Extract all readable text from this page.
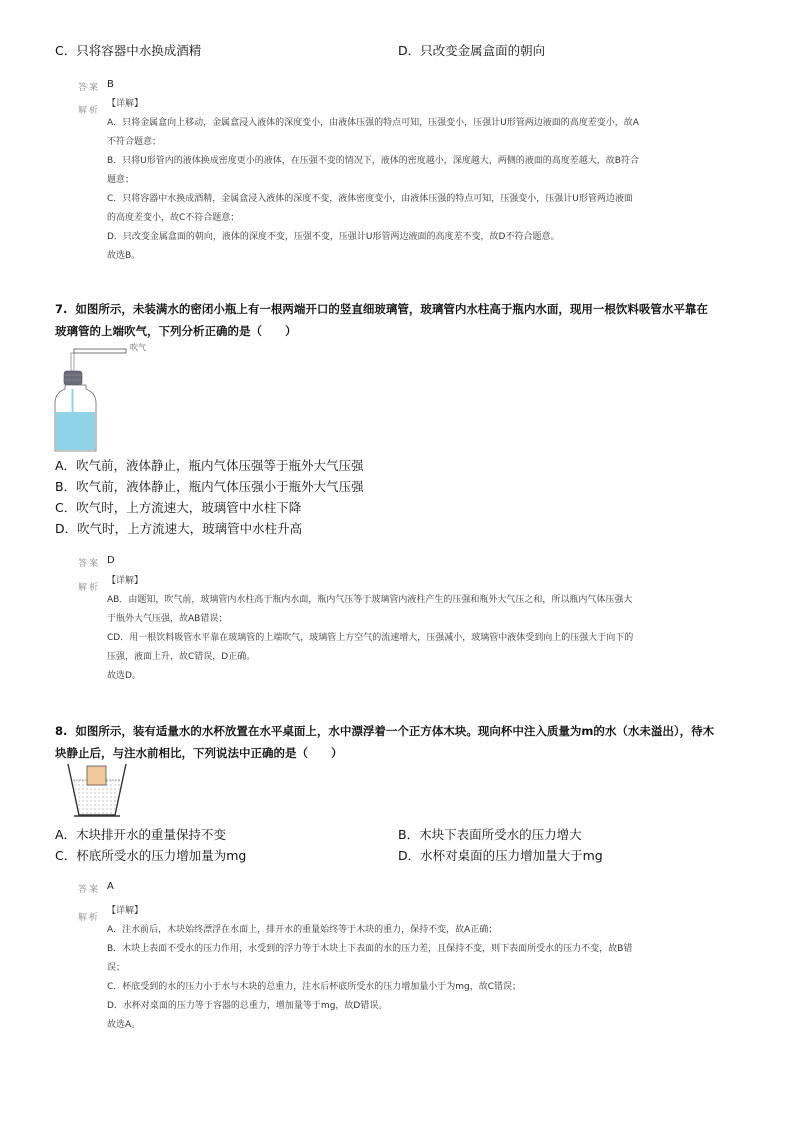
C．只将容器中水换成酒精	D．只改变金属盒面的朝向
答案 B
解析
【详解】
A．只将金属盒向上移动，金属盒浸入液体的深度变小，由液体压强的特点可知，压强变小，压强计U形管两边液面的高度差变小，故A
不符合题意；
B．只将U形管内的液体换成密度更小的液体，在压强不变的情况下，液体的密度越小，深度越大，两侧的液面的高度差越大，故B符合
题意；
C．只将容器中水换成酒精，金属盒浸入液体的深度不变，液体密度变小，由液体压强的特点可知，压强变小，压强计U形管两边液面
的高度差变小，故C不符合题意；
D．只改变金属盒面的朝向，液体的深度不变，压强不变，压强计U形管两边液面的高度差不变，故D不符合题意。
故选B。
7. 如图所示，未装满水的密闭小瓶上有一根两端开口的竖直细玻璃管，玻璃管内水柱高于瓶内水面，现用一根饮料吸管水平靠在
玻璃管的上端吹气，下列分析正确的是（　　）
吹气
A．吹气前，液体静止，瓶内气体压强等于瓶外大气压强
B．吹气前，液体静止，瓶内气体压强小于瓶外大气压强
C．吹气时，上方流速大，玻璃管中水柱下降
D．吹气时，上方流速大，玻璃管中水柱升高
答案 D
解析
【详解】
AB．由题知，吹气前，玻璃管内水柱高于瓶内水面，瓶内气压等于玻璃管内液柱产生的压强和瓶外大气压之和，所以瓶内气体压强大
于瓶外大气压强，故AB错误；
CD．用一根饮料吸管水平靠在玻璃管的上端吹气，玻璃管上方空气的流速增大，压强减小，玻璃管中液体受到向上的压强大于向下的
压强，液面上升，故C错误，D正确。
故选D。
8. 如图所示，装有适量水的水杯放置在水平桌面上，水中漂浮着一个正方体木块。现向杯中注入质量为m的水（水未溢出），待木
块静止后，与注水前相比，下列说法中正确的是（　　）
A．木块排开水的重量保持不变	B．木块下表面所受水的压力增大
C．杯底所受水的压力增加量为mg	D．水杯对桌面的压力增加量大于mg
答案 A
解析
【详解】
A．注水前后，木块始终漂浮在水面上，排开水的重量始终等于木块的重力，保持不变，故A正确；
B．木块上表面不受水的压力作用，水受到的浮力等于木块上下表面的水的压力差，且保持不变，则下表面所受水的压力不变，故B错
误；
C．杯底受到的水的压力小于水与木块的总重力，注水后杯底所受水的压力增加量小于为mg，故C错误；
D．水杯对桌面的压力等于容器的总重力，增加量等于mg，故D错误。
故选A。
